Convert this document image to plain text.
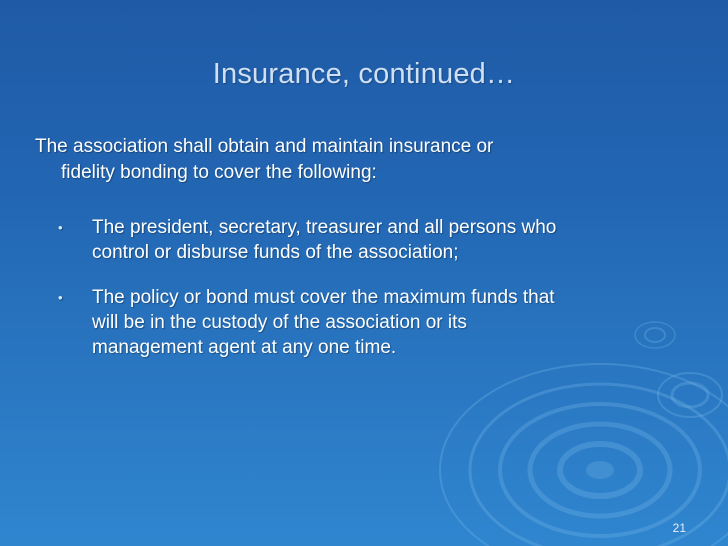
Insurance, continued…

The association shall obtain and maintain insurance or
fidelity bonding to cover the following:

• The president, secretary, treasurer and all persons who
control or disburse funds of the association;
• The policy or bond must cover the maximum funds that
will be in the custody of the association or its
management agent at any one time.
21
